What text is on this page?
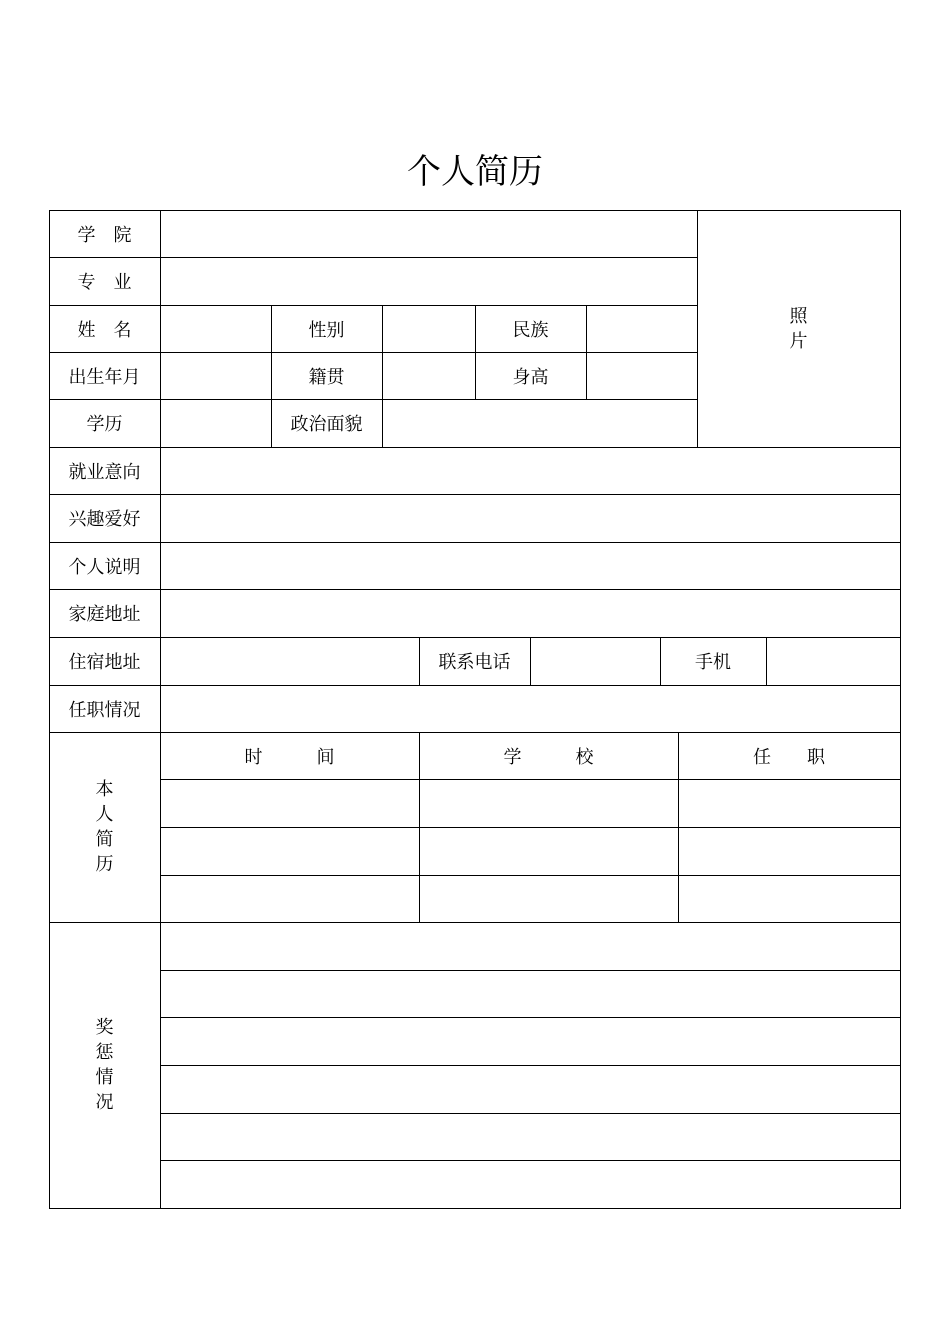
个人简历
学　院
专　业
姓　名	性别	民族
出生年月	籍贯	身高
学历	政治面貌
照
片
就业意向
兴趣爱好
个人说明
家庭地址
住宿地址	联系电话	手机
任职情况
本
人
简
历
时　　　间	学　　　校	任　　职
奖
惩
情
况
